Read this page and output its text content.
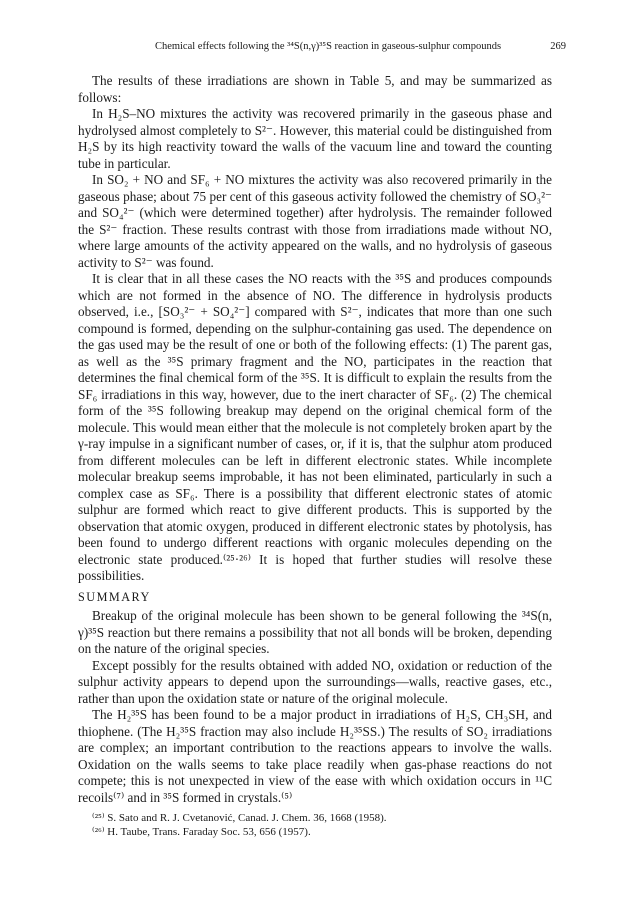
Chemical effects following the ³⁴S(n,γ)³⁵S reaction in gaseous-sulphur compounds	269

The results of these irradiations are shown in Table 5, and may be summarized as follows:

In H₂S–NO mixtures the activity was recovered primarily in the gaseous phase and hydrolysed almost completely to S²⁻. However, this material could be distinguished from H₂S by its high reactivity toward the walls of the vacuum line and toward the counting tube in particular.

In SO₂ + NO and SF₆ + NO mixtures the activity was also recovered primarily in the gaseous phase; about 75 per cent of this gaseous activity followed the chemistry of SO₃²⁻ and SO₄²⁻ (which were determined together) after hydrolysis. The remainder followed the S²⁻ fraction. These results contrast with those from irradiations made without NO, where large amounts of the activity appeared on the walls, and no hydrolysis of gaseous activity to S²⁻ was found.

It is clear that in all these cases the NO reacts with the ³⁵S and produces compounds which are not formed in the absence of NO. The difference in hydrolysis products observed, i.e., [SO₃²⁻ + SO₄²⁻] compared with S²⁻, indicates that more than one such compound is formed, depending on the sulphur-containing gas used. The dependence on the gas used may be the result of one or both of the following effects: (1) The parent gas, as well as the ³⁵S primary fragment and the NO, participates in the reaction that determines the final chemical form of the ³⁵S. It is difficult to explain the results from the SF₆ irradiations in this way, however, due to the inert character of SF₆. (2) The chemical form of the ³⁵S following breakup may depend on the original chemical form of the molecule. This would mean either that the molecule is not completely broken apart by the γ-ray impulse in a significant number of cases, or, if it is, that the sulphur atom produced from different molecules can be left in different electronic states. While incomplete molecular breakup seems improbable, it has not been eliminated, particularly in such a complex case as SF₆. There is a possibility that different electronic states of atomic sulphur are formed which react to give different products. This is supported by the observation that atomic oxygen, produced in different electronic states by photolysis, has been found to undergo different reactions with organic molecules depending on the electronic state produced.⁽²⁵·²⁶⁾ It is hoped that further studies will resolve these possibilities.

SUMMARY

Breakup of the original molecule has been shown to be general following the ³⁴S(n, γ)³⁵S reaction but there remains a possibility that not all bonds will be broken, depending on the nature of the original species.

Except possibly for the results obtained with added NO, oxidation or reduction of the sulphur activity appears to depend upon the surroundings—walls, reactive gases, etc., rather than upon the oxidation state or nature of the original molecule.

The H₂³⁵S has been found to be a major product in irradiations of H₂S, CH₃SH, and thiophene. (The H₂³⁵S fraction may also include H₂³⁵SS.) The results of SO₂ irradiations are complex; an important contribution to the reactions appears to involve the walls. Oxidation on the walls seems to take place readily when gas-phase reactions do not compete; this is not unexpected in view of the ease with which oxidation occurs in ¹¹C recoils⁽⁷⁾ and in ³⁵S formed in crystals.⁽⁵⁾

⁽²⁵⁾ S. Sato and R. J. Cvetanović, Canad. J. Chem. 36, 1668 (1958).
⁽²⁶⁾ H. Taube, Trans. Faraday Soc. 53, 656 (1957).
